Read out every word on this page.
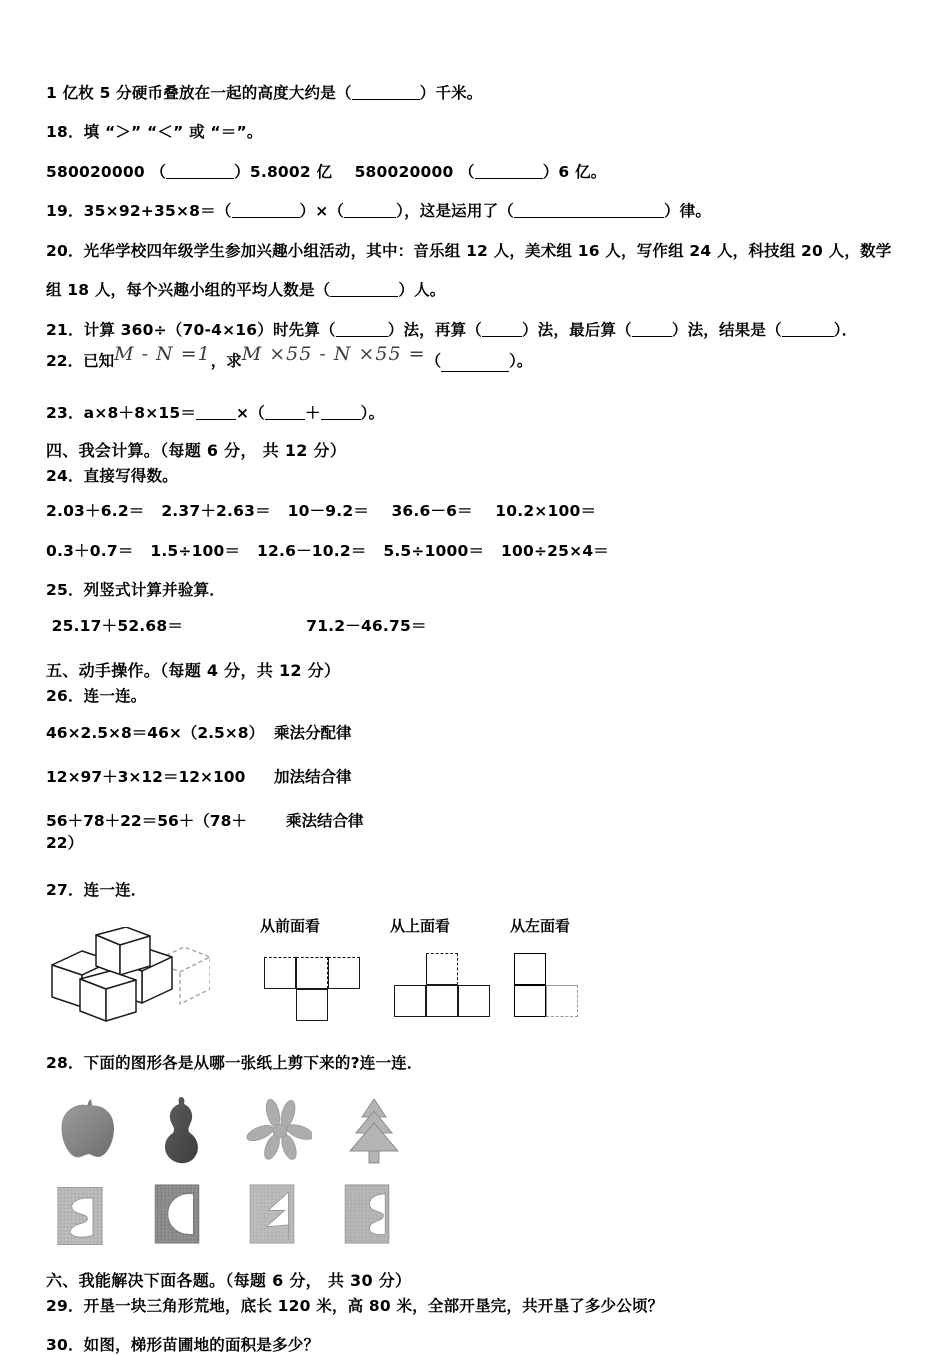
1 亿枚 5 分硬币叠放在一起的高度大约是（	）千米。
18．填 “＞” “＜” 或 “＝”。
580020000 （	）5.8002 亿    580020000 （	）6 亿。
19．35×92+35×8＝（	）×（	），这是运用了（	）律。
20．光华学校四年级学生参加兴趣小组活动，其中：音乐组 12 人，美术组 16 人，写作组 24 人，科技组 20 人，数学
组 18 人，每个兴趣小组的平均人数是（	）人。
21．计算 360÷（70-4×16）时先算（	）法，再算（	）法，最后算（	）法，结果是（	）．
22． 已知 M - N =1 ，求 M ×55 - N ×55 = （	）。
23．a×8＋8×15＝	×（	＋	）。
四、我会计算。（每题 6 分， 共 12 分）
24．直接写得数。
2.03＋6.2＝ 2.37＋2.63＝ 10－9.2＝ 36.6－6＝ 10.2×100＝
0.3＋0.7＝ 1.5÷100＝ 12.6－10.2＝ 5.5÷1000＝ 100÷25×4＝
25．列竖式计算并验算．
25.17＋52.68＝	71.2－46.75＝
五、动手操作。（每题 4 分，共 12 分）
26．连一连。
46×2.5×8＝46×（2.5×8） 乘法分配律
12×97＋3×12＝12×100	加法结合律
56＋78＋22＝56＋（78＋22）
乘法结合律
27．连一连．
从前面看	从上面看	从左面看
28．下面的图形各是从哪一张纸上剪下来的?连一连．
六、我能解决下面各题。（每题 6 分， 共 30 分）
29．开垦一块三角形荒地，底长 120 米，高 80 米，全部开垦完，共开垦了多少公顷？
30．如图，梯形苗圃地的面积是多少？
